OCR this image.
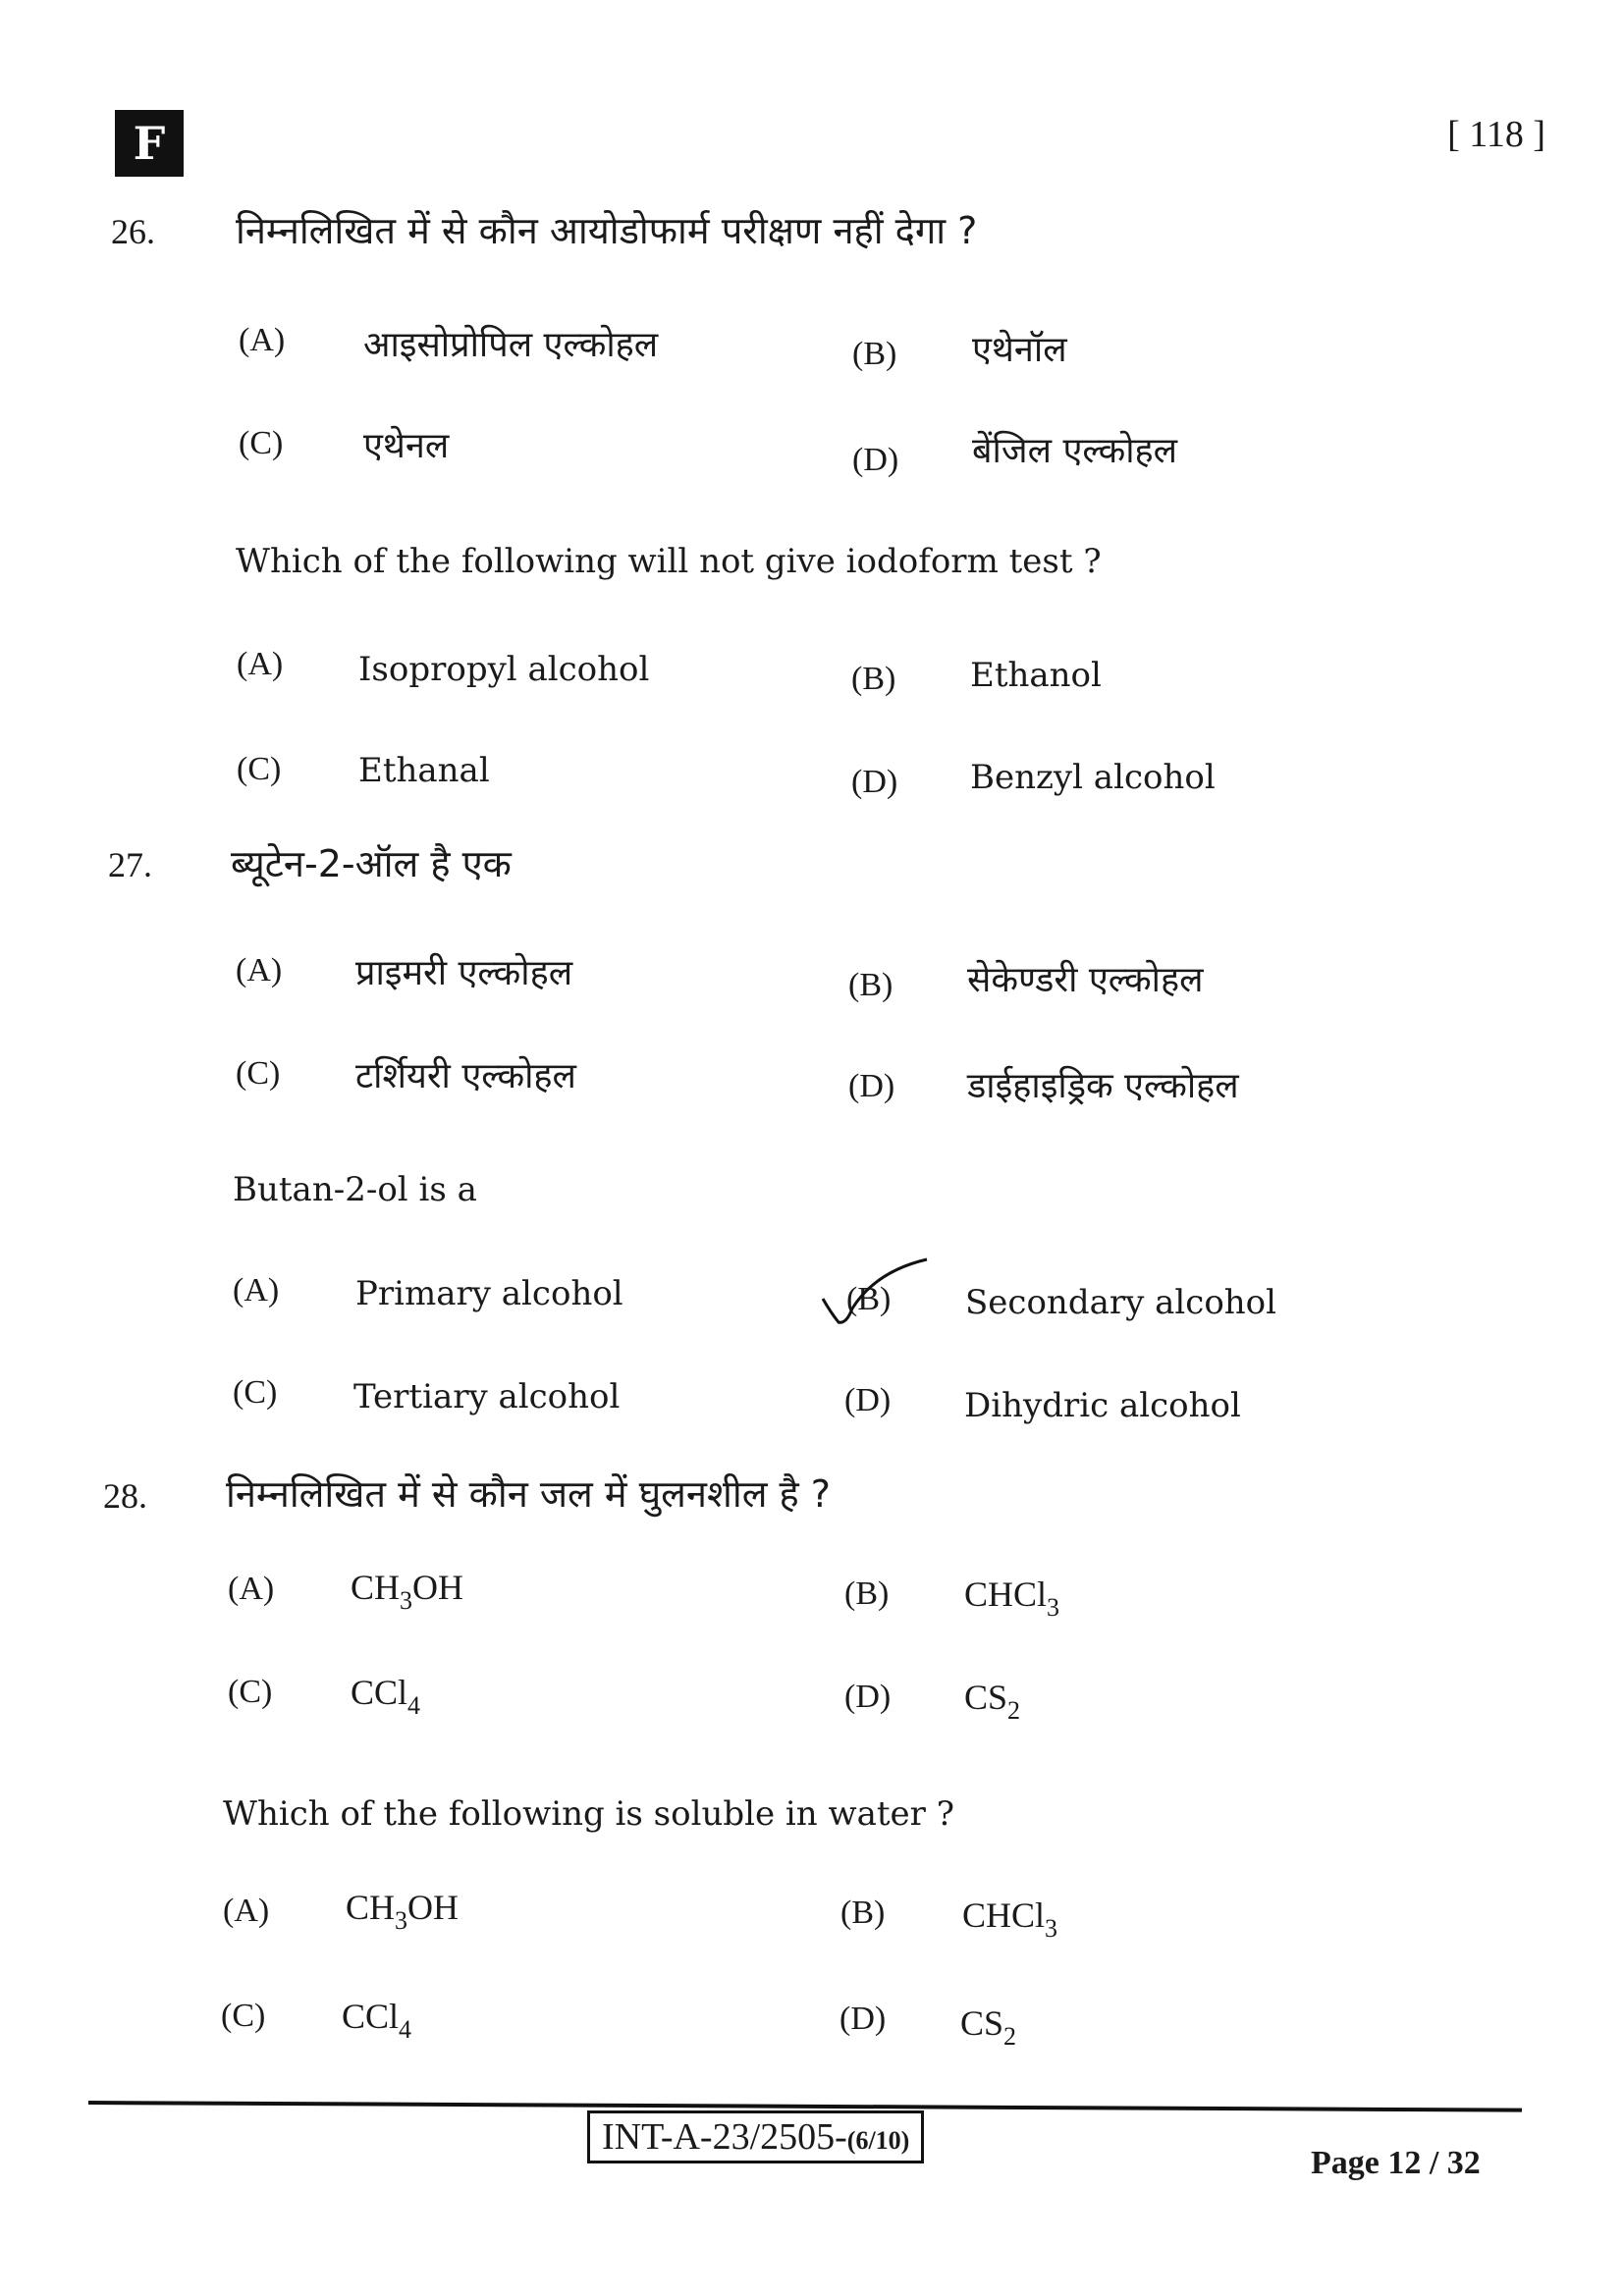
F	[ 118 ]
26. निम्नलिखित में से कौन आयोडोफार्म परीक्षण नहीं देगा ?
(A) आइसोप्रोपिल एल्कोहल	(B) एथेनॉल
(C) एथेनल	(D) बेंजिल एल्कोहल
Which of the following will not give iodoform test ?
(A) Isopropyl alcohol	(B) Ethanol
(C) Ethanal	(D) Benzyl alcohol
27. ब्यूटेन-2-ऑल है एक
(A) प्राइमरी एल्कोहल	(B) सेकेण्डरी एल्कोहल
(C) टर्शियरी एल्कोहल	(D) डाईहाइड्रिक एल्कोहल
Butan-2-ol is a
(A) Primary alcohol	(B) Secondary alcohol
(C) Tertiary alcohol	(D) Dihydric alcohol
28. निम्नलिखित में से कौन जल में घुलनशील है ?
(A) $CH_3OH$	(B) CHCl$_3$
(C) CCl$_4$	(D) $CS_2$
Which of the following is soluble in water ?
(A) $CH_3OH$	(B) CHCl$_3$
(C) CCl$_4$	(D) $CS_2$
INT-A-23/2505-(6/10)
Page 12 / 32
